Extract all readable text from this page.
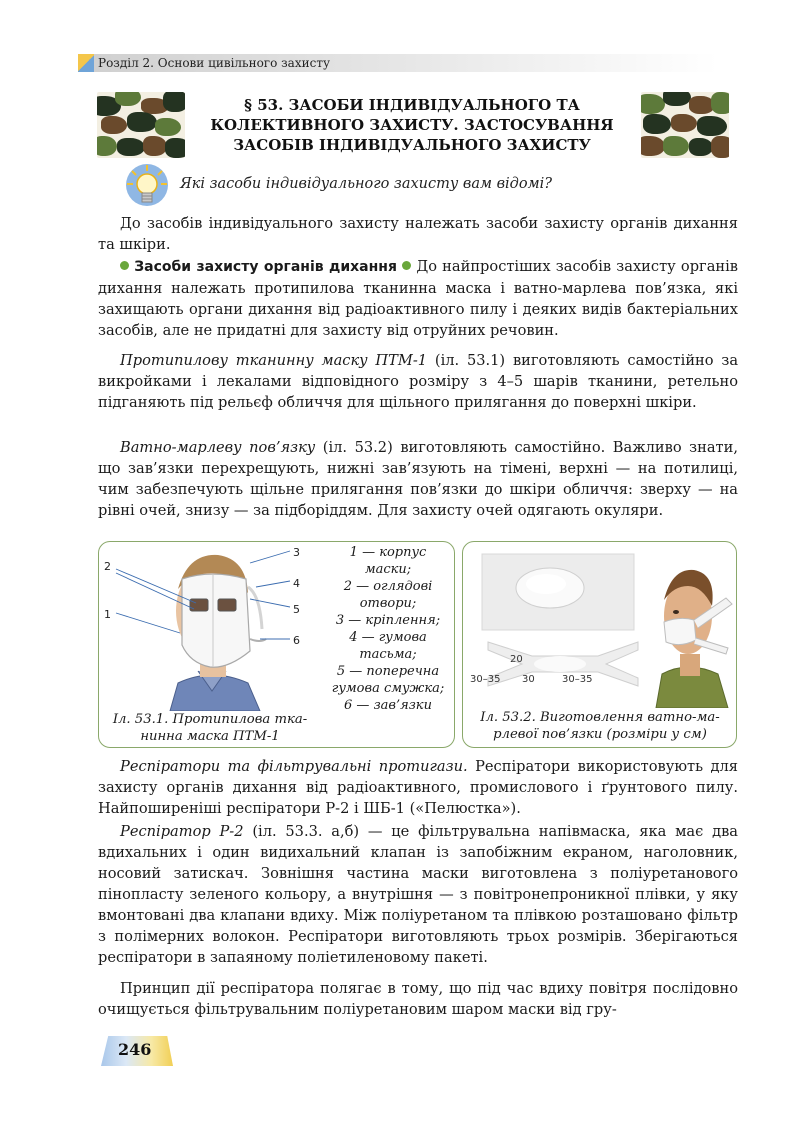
Розділ 2. Основи цивільного захисту
§ 53. ЗАСОБИ ІНДИВІДУАЛЬНОГО ТА
КОЛЕКТИВНОГО ЗАХИСТУ. ЗАСТОСУВАННЯ
ЗАСОБІВ ІНДИВІДУАЛЬНОГО ЗАХИСТУ
Які засоби індивідуального захисту вам відомі?
До засобів індивідуального захисту належать засоби захисту органів дихання та шкіри.
Засоби захисту органів дихання До найпростіших засобів захисту органів дихання належать протипилова тканинна маска і ватно-марлева пов’язка, які захищають органи дихання від радіоактивного пилу і деяких видів бактеріальних засобів, але не придатні для захисту від отруйних речовин.
Протипилову тканинну маску ПТМ-1 (іл. 53.1) виготовляють самостійно за викройками і лекалами відповідного розміру з 4–5 шарів тканини, ретельно підганяють під рельєф обличчя для щільного прилягання до поверхні шкіри.
Ватно-марлеву пов’язку (іл. 53.2) виготовляють самостійно. Важливо знати, що зав’язки перехрещують, нижні зав’язують на тімені, верхні — на потилиці, чим забезпечують щільне прилягання пов’язки до шкіри обличчя: зверху — на рівні очей, знизу — за підборіддям. Для захисту очей одягають окуляри.
2
1
3
4
5
6
1 — корпус
маски;
2 — оглядові
отвори;
3 — кріплення;
4 — гумова
тасьма;
5 — поперечна
гумова смужка;
6 — зав’язки
Іл. 53.1. Протипилова тка-
нинна маска ПТМ-1
20
30–35 30	30–35
Іл. 53.2. Виготовлення ватно-ма-
рлевої пов’язки (розміри у см)
Респіратори та фільтрувальні протигази. Респіратори використовують для захисту органів дихання від радіоактивного, промислового і ґрунтового пилу. Найпоширеніші респіратори Р-2 і ШБ-1 («Пелюстка»).
Респіратор Р-2 (іл. 53.3. а,б) — це фільтрувальна напівмаска, яка має два вдихальних і один видихальний клапан із запобіжним екраном, наголовник, носовий затискач. Зовнішня частина маски виготовлена з поліуретанового пінопласту зеленого кольору, а внутрішня — з повітронепроникної плівки, у яку вмонтовані два клапани вдиху. Між поліуретаном та плівкою розташовано фільтр з полімерних волокон. Респіратори виготовляють трьох розмірів. Зберігаються респіратори в запаяному поліетиленовому пакеті.
Принцип дії респіратора полягає в тому, що під час вдиху повітря послідовно очищується фільтрувальним поліуретановим шаром маски від гру-
246
